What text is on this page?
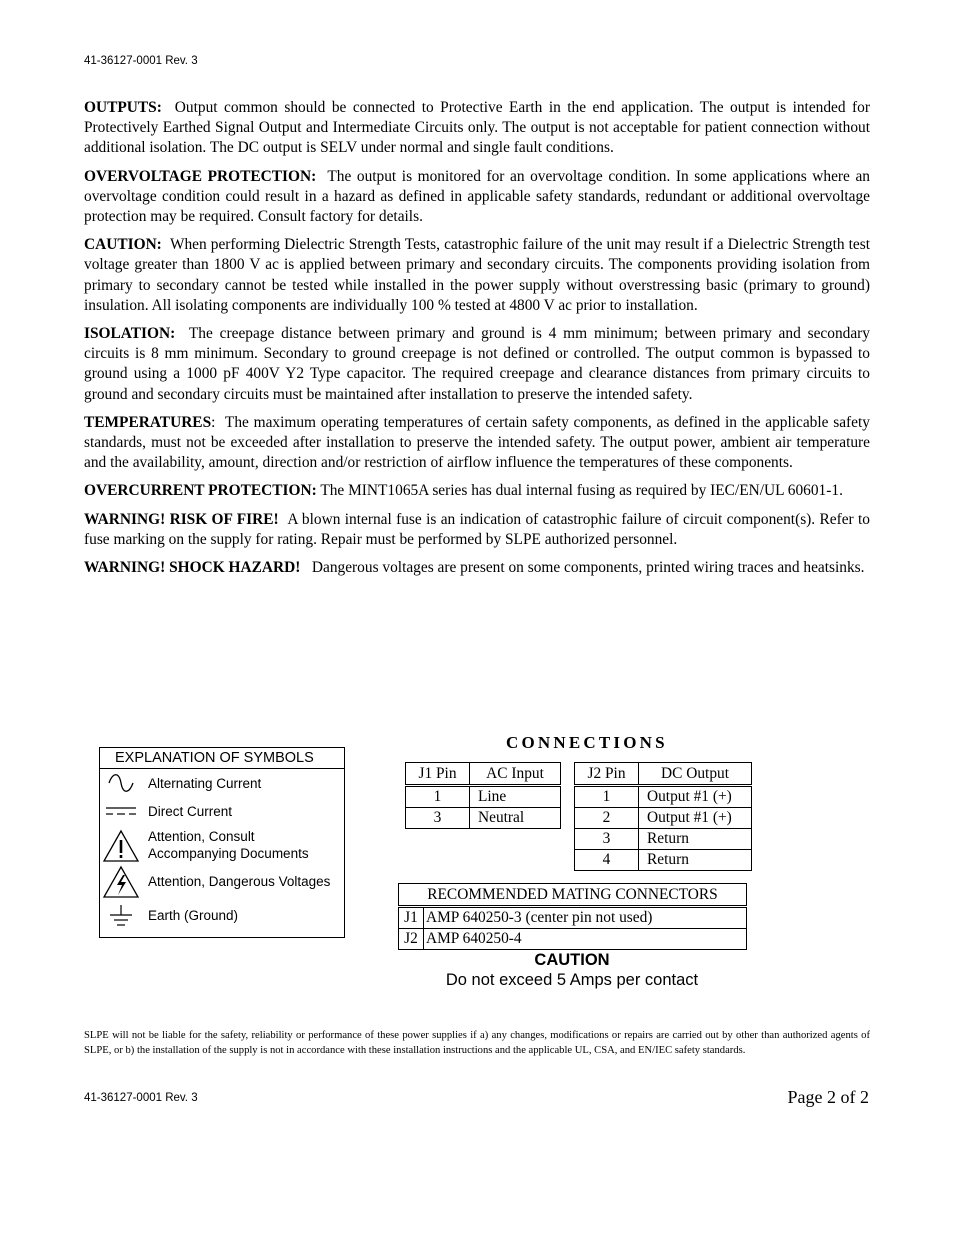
41-36127-0001 Rev. 3

OUTPUTS: Output common should be connected to Protective Earth in the end application. The output is intended for Protectively Earthed Signal Output and Intermediate Circuits only. The output is not acceptable for patient connection without additional isolation. The DC output is SELV under normal and single fault conditions.

OVERVOLTAGE PROTECTION: The output is monitored for an overvoltage condition. In some applications where an overvoltage condition could result in a hazard as defined in applicable safety standards, redundant or additional overvoltage protection may be required. Consult factory for details.

CAUTION: When performing Dielectric Strength Tests, catastrophic failure of the unit may result if a Dielectric Strength test voltage greater than 1800 V ac is applied between primary and secondary circuits. The components providing isolation from primary to secondary cannot be tested while installed in the power supply without overstressing basic (primary to ground) insulation. All isolating components are individually 100 % tested at 4800 V ac prior to installation.

ISOLATION: The creepage distance between primary and ground is 4 mm minimum; between primary and secondary circuits is 8 mm minimum. Secondary to ground creepage is not defined or controlled. The output common is bypassed to ground using a 1000 pF 400V Y2 Type capacitor. The required creepage and clearance distances from primary circuits to ground and secondary circuits must be maintained after installation to preserve the intended safety.

TEMPERATURES: The maximum operating temperatures of certain safety components, as defined in the applicable safety standards, must not be exceeded after installation to preserve the intended safety. The output power, ambient air temperature and the availability, amount, direction and/or restriction of airflow influence the temperatures of these components.

OVERCURRENT PROTECTION: The MINT1065A series has dual internal fusing as required by IEC/EN/UL 60601-1.

WARNING! RISK OF FIRE! A blown internal fuse is an indication of catastrophic failure of circuit component(s). Refer to fuse marking on the supply for rating. Repair must be performed by SLPE authorized personnel.

WARNING! SHOCK HAZARD! Dangerous voltages are present on some components, printed wiring traces and heatsinks.

EXPLANATION OF SYMBOLS
Alternating Current
Direct Current
Attention, Consult
Accompanying Documents
Attention, Dangerous Voltages
Earth (Ground)
CONNECTIONS
J1 Pin	AC Input
1	Line
3	Neutral
J2 Pin	DC Output
1	Output #1 (+)
2	Output #1 (+)
3	Return
4	Return
RECOMMENDED MATING CONNECTORS	
J1	AMP 640250-3 (center pin not used)
J2	AMP 640250-4
CAUTION
Do not exceed 5 Amps per contact
SLPE will not be liable for the safety, reliability or performance of these power supplies if a) any changes, modifications or repairs are carried out by other than authorized agents of SLPE, or b) the installation of the supply is not in accordance with these installation instructions and the applicable UL, CSA, and EN/IEC safety standards.
41-36127-0001 Rev. 3	Page 2 of 2
